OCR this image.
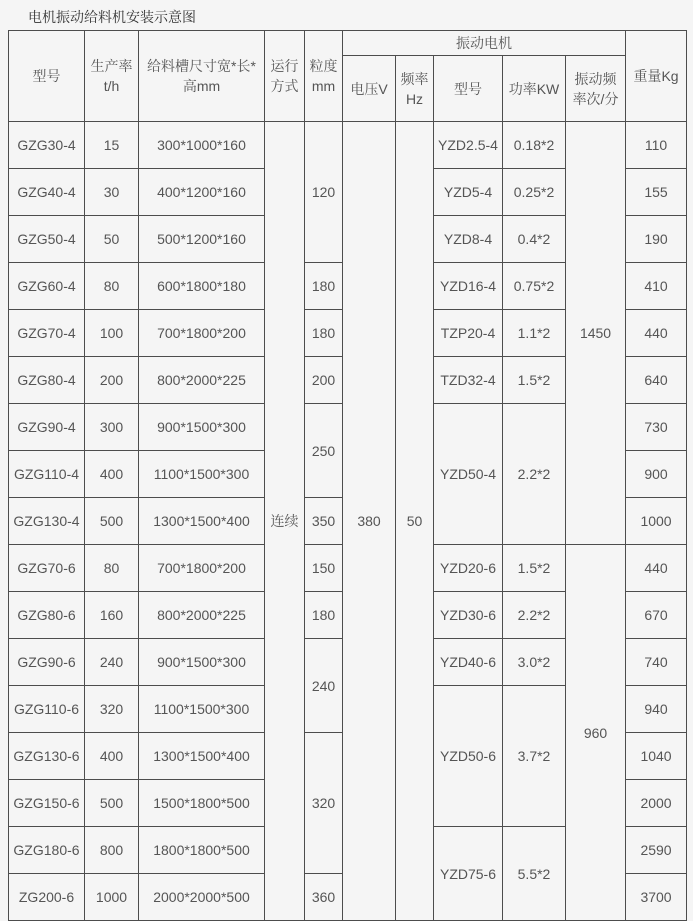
电机振动给料机安装示意图
型号	生产率t/h	给料槽尺寸宽*长*高mm	运行方式	粒度mm	振动电机					重量Kg
					电压V	频率Hz	型号	功率KW	振动频率次/分	
GZG30-4	15	300*1000*160	连续	120	380	50	YZD2.5-4	0.18*2	1450	110
GZG40-4	30	400*1200*160					YZD5-4	0.25*2		155
GZG50-4	50	500*1200*160					YZD8-4	0.4*2		190
GZG60-4	80	600*1800*180		180			YZD16-4	0.75*2		410
GZG70-4	100	700*1800*200		180			TZP20-4	1.1*2		440
GZG80-4	200	800*2000*225		200			TZD32-4	1.5*2		640
GZG90-4	300	900*1500*300		250			YZD50-4	2.2*2		730
GZG110-4	400	1100*1500*300								900
GZG130-4	500	1300*1500*400		350						1000
GZG70-6	80	700*1800*200		150			YZD20-6	1.5*2	960	440
GZG80-6	160	800*2000*225		180			YZD30-6	2.2*2		670
GZG90-6	240	900*1500*300		240			YZD40-6	3.0*2		740
GZG110-6	320	1100*1500*300					YZD50-6	3.7*2		940
GZG130-6	400	1300*1500*400		320						1040
GZG150-6	500	1500*1800*500								2000
GZG180-6	800	1800*1800*500					YZD75-6	5.5*2		2590
ZG200-6	1000	2000*2000*500		360						3700
